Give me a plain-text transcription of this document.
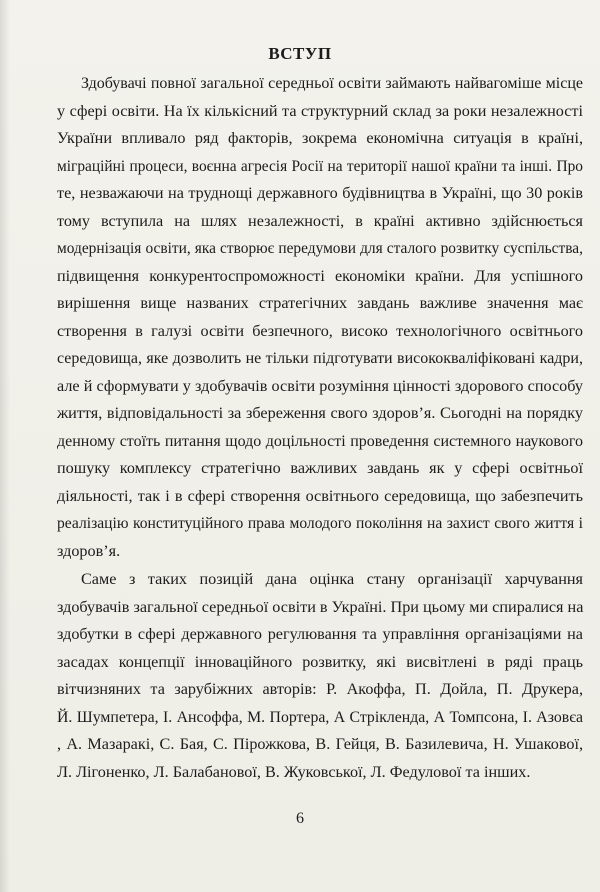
ВСТУП
Здобувачі повної загальної середньої освіти займають найвагоміше місце
у сфері освіти. На їх кількісний та структурний склад за роки незалежності
України впливало ряд факторів, зокрема економічна ситуація в країні,
міграційні процеси, воєнна агресія Росії на території нашої країни та інші. Про
те, незважаючи на труднощі державного будівництва в Україні, що 30 років
тому вступила на шлях незалежності, в країні активно здійснюється
модернізація освіти, яка створює передумови для сталого розвитку суспільства,
підвищення конкурентоспроможності економіки країни. Для успішного
вирішення вище названих стратегічних завдань важливе значення має
створення в галузі освіти безпечного, високо технологічного освітнього
середовища, яке дозволить не тільки підготувати висококваліфіковані кадри,
але й сформувати у здобувачів освіти розуміння цінності здорового способу
життя, відповідальності за збереження свого здоров’я. Сьогодні на порядку
денному стоїть питання щодо доцільності проведення системного наукового
пошуку комплексу стратегічно важливих завдань як у сфері освітньої
діяльності, так і в сфері створення освітнього середовища, що забезпечить
реалізацію конституційного права молодого покоління на захист свого життя і
здоров’я.
Саме з таких позицій дана оцінка стану організації харчування
здобувачів загальної середньої освіти в Україні. При цьому ми спиралися на
здобутки в сфері державного регулювання та управління організаціями на
засадах концепції інноваційного розвитку, які висвітлені в ряді праць
вітчизняних та зарубіжних авторів: Р. Акоффа, П. Дойла, П. Друкера,
Й. Шумпетера, І. Ансоффа, М. Портера, А Стрікленда, А Томпсона, І. Азовєа
, А. Мазаракі, С. Бая, С. Пірожкова, В. Гейця, В. Базилевича, Н. Ушакової,
Л. Лігоненко, Л. Балабанової, В. Жуковської, Л. Федулової та інших.
6
